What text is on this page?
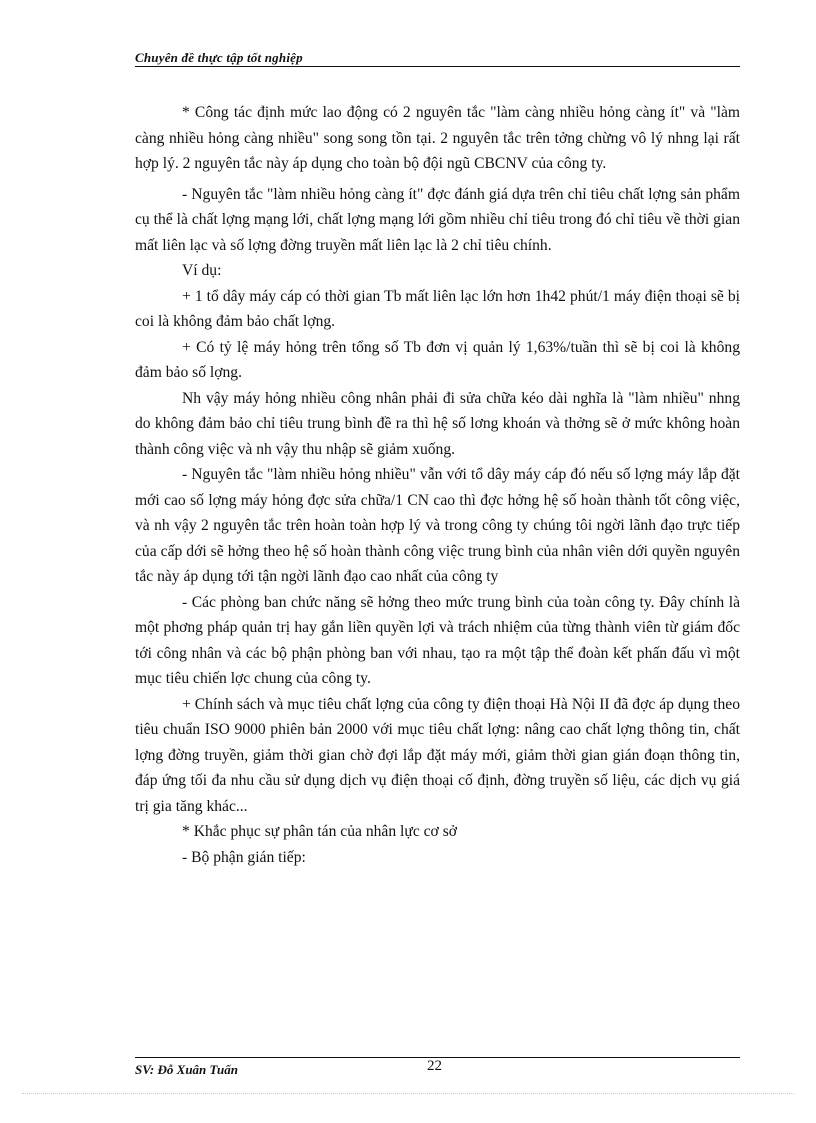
Chuyên đề thực tập tốt nghiệp

* Công tác định mức lao động có 2 nguyên tắc "làm càng nhiều hỏng càng ít" và "làm càng nhiều hỏng càng nhiều" song song tồn tại. 2 nguyên tắc trên tởng chừng vô lý nhng lại rất hợp lý. 2 nguyên tắc này áp dụng cho toàn bộ đội ngũ CBCNV của công ty.

- Nguyên tắc "làm nhiều hỏng càng ít" đợc đánh giá dựa trên chỉ tiêu chất lợng sản phẩm cụ thể là chất lợng mạng lới, chất lợng mạng lới gồm nhiều chỉ tiêu trong đó chỉ tiêu về thời gian mất liên lạc và số lợng đờng truyền mất liên lạc là 2 chỉ tiêu chính.

Ví dụ:

+ 1 tổ dây máy cáp có thời gian Tb mất liên lạc lớn hơn 1h42 phút/1 máy điện thoại sẽ bị coi là không đảm bảo chất lợng.

+ Có tỷ lệ máy hỏng trên tổng số Tb đơn vị quản lý 1,63%/tuần thì sẽ bị coi là không đảm bảo số lợng.

Nh vậy máy hỏng nhiều công nhân phải đi sửa chữa kéo dài nghĩa là "làm nhiều" nhng do không đảm bảo chỉ tiêu trung bình đề ra thì hệ số lơng khoán và thởng sẽ ở mức không hoàn thành công việc và nh vậy thu nhập sẽ giảm xuống.

- Nguyên tắc "làm nhiều hỏng nhiều" vẫn với tổ dây máy cáp đó nếu số lợng máy lắp đặt mới cao số lợng máy hỏng đợc sửa chữa/1 CN cao thì đợc hởng hệ số hoàn thành tốt công việc, và nh vậy 2 nguyên tắc trên hoàn toàn hợp lý và trong công ty chúng tôi ngời lãnh đạo trực tiếp của cấp dới sẽ hởng theo hệ số hoàn thành công việc trung bình của nhân viên dới quyền nguyên tắc này áp dụng tới tận ngời lãnh đạo cao nhất của công ty

- Các phòng ban chức năng sẽ hởng theo mức trung bình của toàn công ty. Đây chính là một phơng pháp quản trị hay gắn liền quyền lợi và trách nhiệm của từng thành viên từ giám đốc tới công nhân và các bộ phận phòng ban với nhau, tạo ra một tập thể đoàn kết phấn đấu vì một mục tiêu chiến lợc chung của công ty.

+ Chính sách và mục tiêu chất lợng của công ty điện thoại Hà Nội II đã đợc áp dụng theo tiêu chuẩn ISO 9000 phiên bản 2000 với mục tiêu chất lợng: nâng cao chất lợng thông tin, chất lợng đờng truyền, giảm thời gian chờ đợi lắp đặt máy mới, giảm thời gian gián đoạn thông tin, đáp ứng tối đa nhu cầu sử dụng dịch vụ điện thoại cố định, đờng truyền số liệu, các dịch vụ giá trị gia tăng khác...

* Khắc phục sự phân tán của nhân lực cơ sở

- Bộ phận gián tiếp:

SV: Đỗ Xuân Tuấn	22
